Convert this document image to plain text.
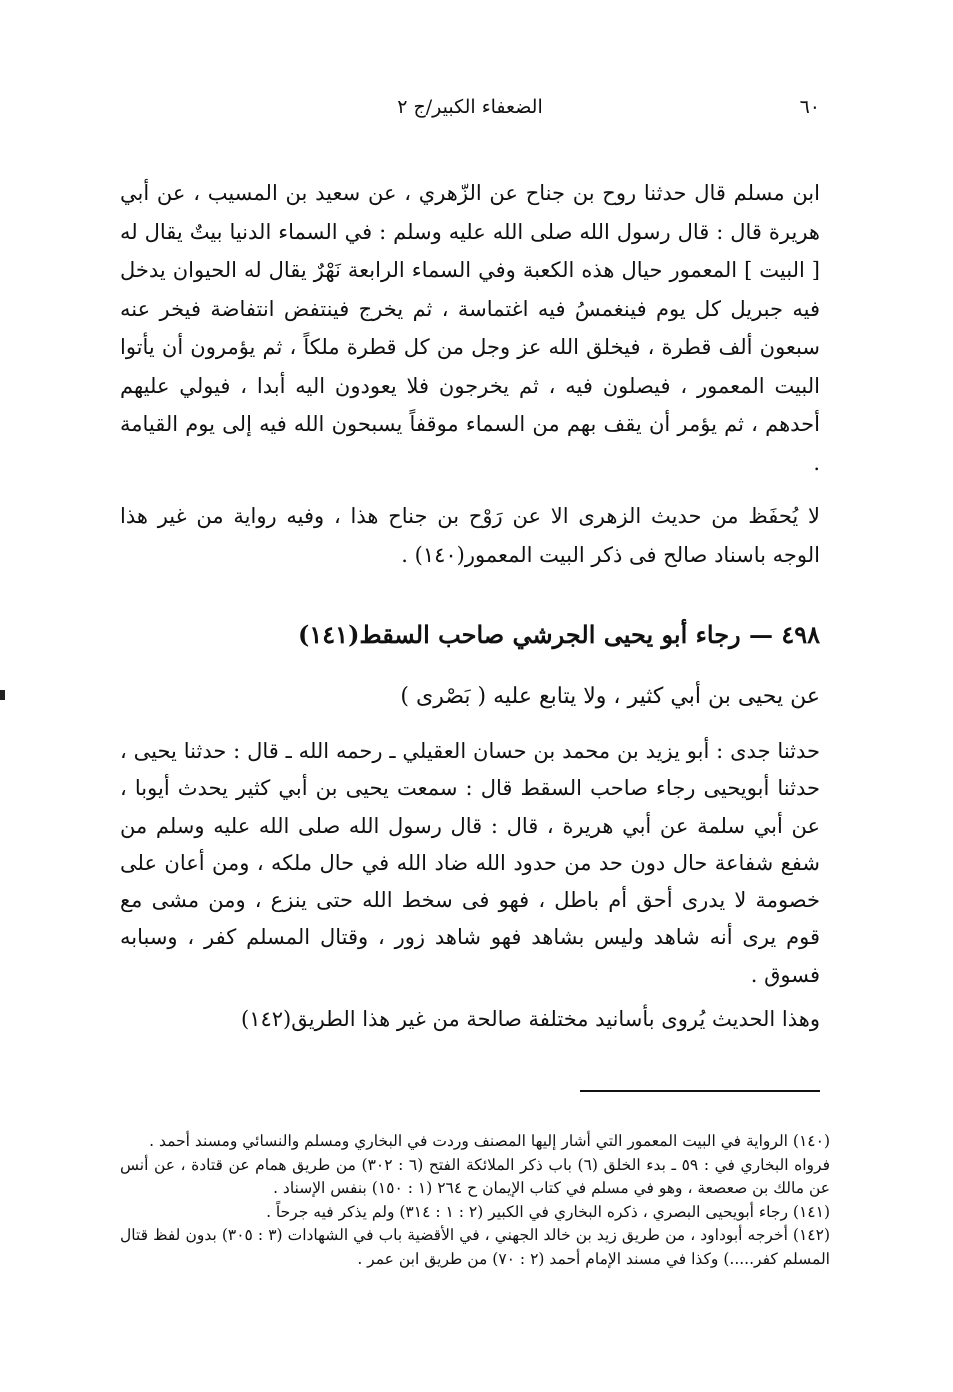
٦٠
الضعفاء الكبير/ج ٢

ابن مسلم قال حدثنا روح بن جناح عن الزّهري ، عن سعيد بن المسيب ، عن أبي هريرة قال : قال رسول الله صلى الله عليه وسلم : في السماء الدنيا بيتٌ يقال له [ البيت ] المعمور حيال هذه الكعبة وفي السماء الرابعة نَهْرٌ يقال له الحيوان يدخل فيه جبريل كل يوم فينغمسُ فيه اغتماسة ، ثم يخرج فينتفض انتفاضة فيخر عنه سبعون ألف قطرة ، فيخلق الله عز وجل من كل قطرة ملكاً ، ثم يؤمرون أن يأتوا البيت المعمور ، فيصلون فيه ، ثم يخرجون فلا يعودون اليه أبدا ، فيولي عليهم أحدهم ، ثم يؤمر أن يقف بهم من السماء موقفاً يسبحون الله فيه إلى يوم القيامة .

لا يُحفَظ من حديث الزهرى الا عن رَوْح بن جناح هذا ، وفيه رواية من غير هذا الوجه باسناد صالح فى ذكر البيت المعمور(١٤٠) .

٤٩٨ — رجاء أبو يحيى الجرشي صاحب السقط(١٤١)

عن يحيى بن أبي كثير ، ولا يتابع عليه ( بَصْرى )

حدثنا جدى : أبو يزيد بن محمد بن حسان العقيلي ـ رحمه الله ـ قال : حدثنا يحيى ، حدثنا أبويحيى رجاء صاحب السقط قال : سمعت يحيى بن أبي كثير يحدث أيوبا ، عن أبي سلمة عن أبي هريرة ، قال : قال رسول الله صلى الله عليه وسلم من شفع شفاعة حال دون حد من حدود الله ضاد الله في حال ملكه ، ومن أعان على خصومة لا يدرى أحق أم باطل ، فهو فى سخط الله حتى ينزع ، ومن مشى مع قوم يرى أنه شاهد وليس بشاهد فهو شاهد زور ، وقتال المسلم كفر ، وسبابه فسوق .

وهذا الحديث يُروى بأسانيد مختلفة صالحة من غير هذا الطريق(١٤٢)

(١٤٠) الرواية في البيت المعمور التي أشار إليها المصنف وردت في البخاري ومسلم والنسائي ومسند أحمد .

فرواه البخاري في : ٥٩ ـ بدء الخلق (٦) باب ذكر الملائكة الفتح (٦ : ٣٠٢) من طريق همام عن قتادة ، عن أنس عن مالك بن صعصعة ، وهو في مسلم في كتاب الإيمان ح ٢٦٤ (١ : ١٥٠) بنفس الإسناد .

(١٤١) رجاء أبويحيى البصري ، ذكره البخاري في الكبير (٢ : ١ : ٣١٤) ولم يذكر فيه جرحاً .

(١٤٢) أخرجه أبوداود ، من طريق زيد بن خالد الجهني ، في الأقضية باب في الشهادات (٣ : ٣٠٥) بدون لفظ قتال المسلم كفر.....) وكذا في مسند الإمام أحمد (٢ : ٧٠) من طريق ابن عمر .
